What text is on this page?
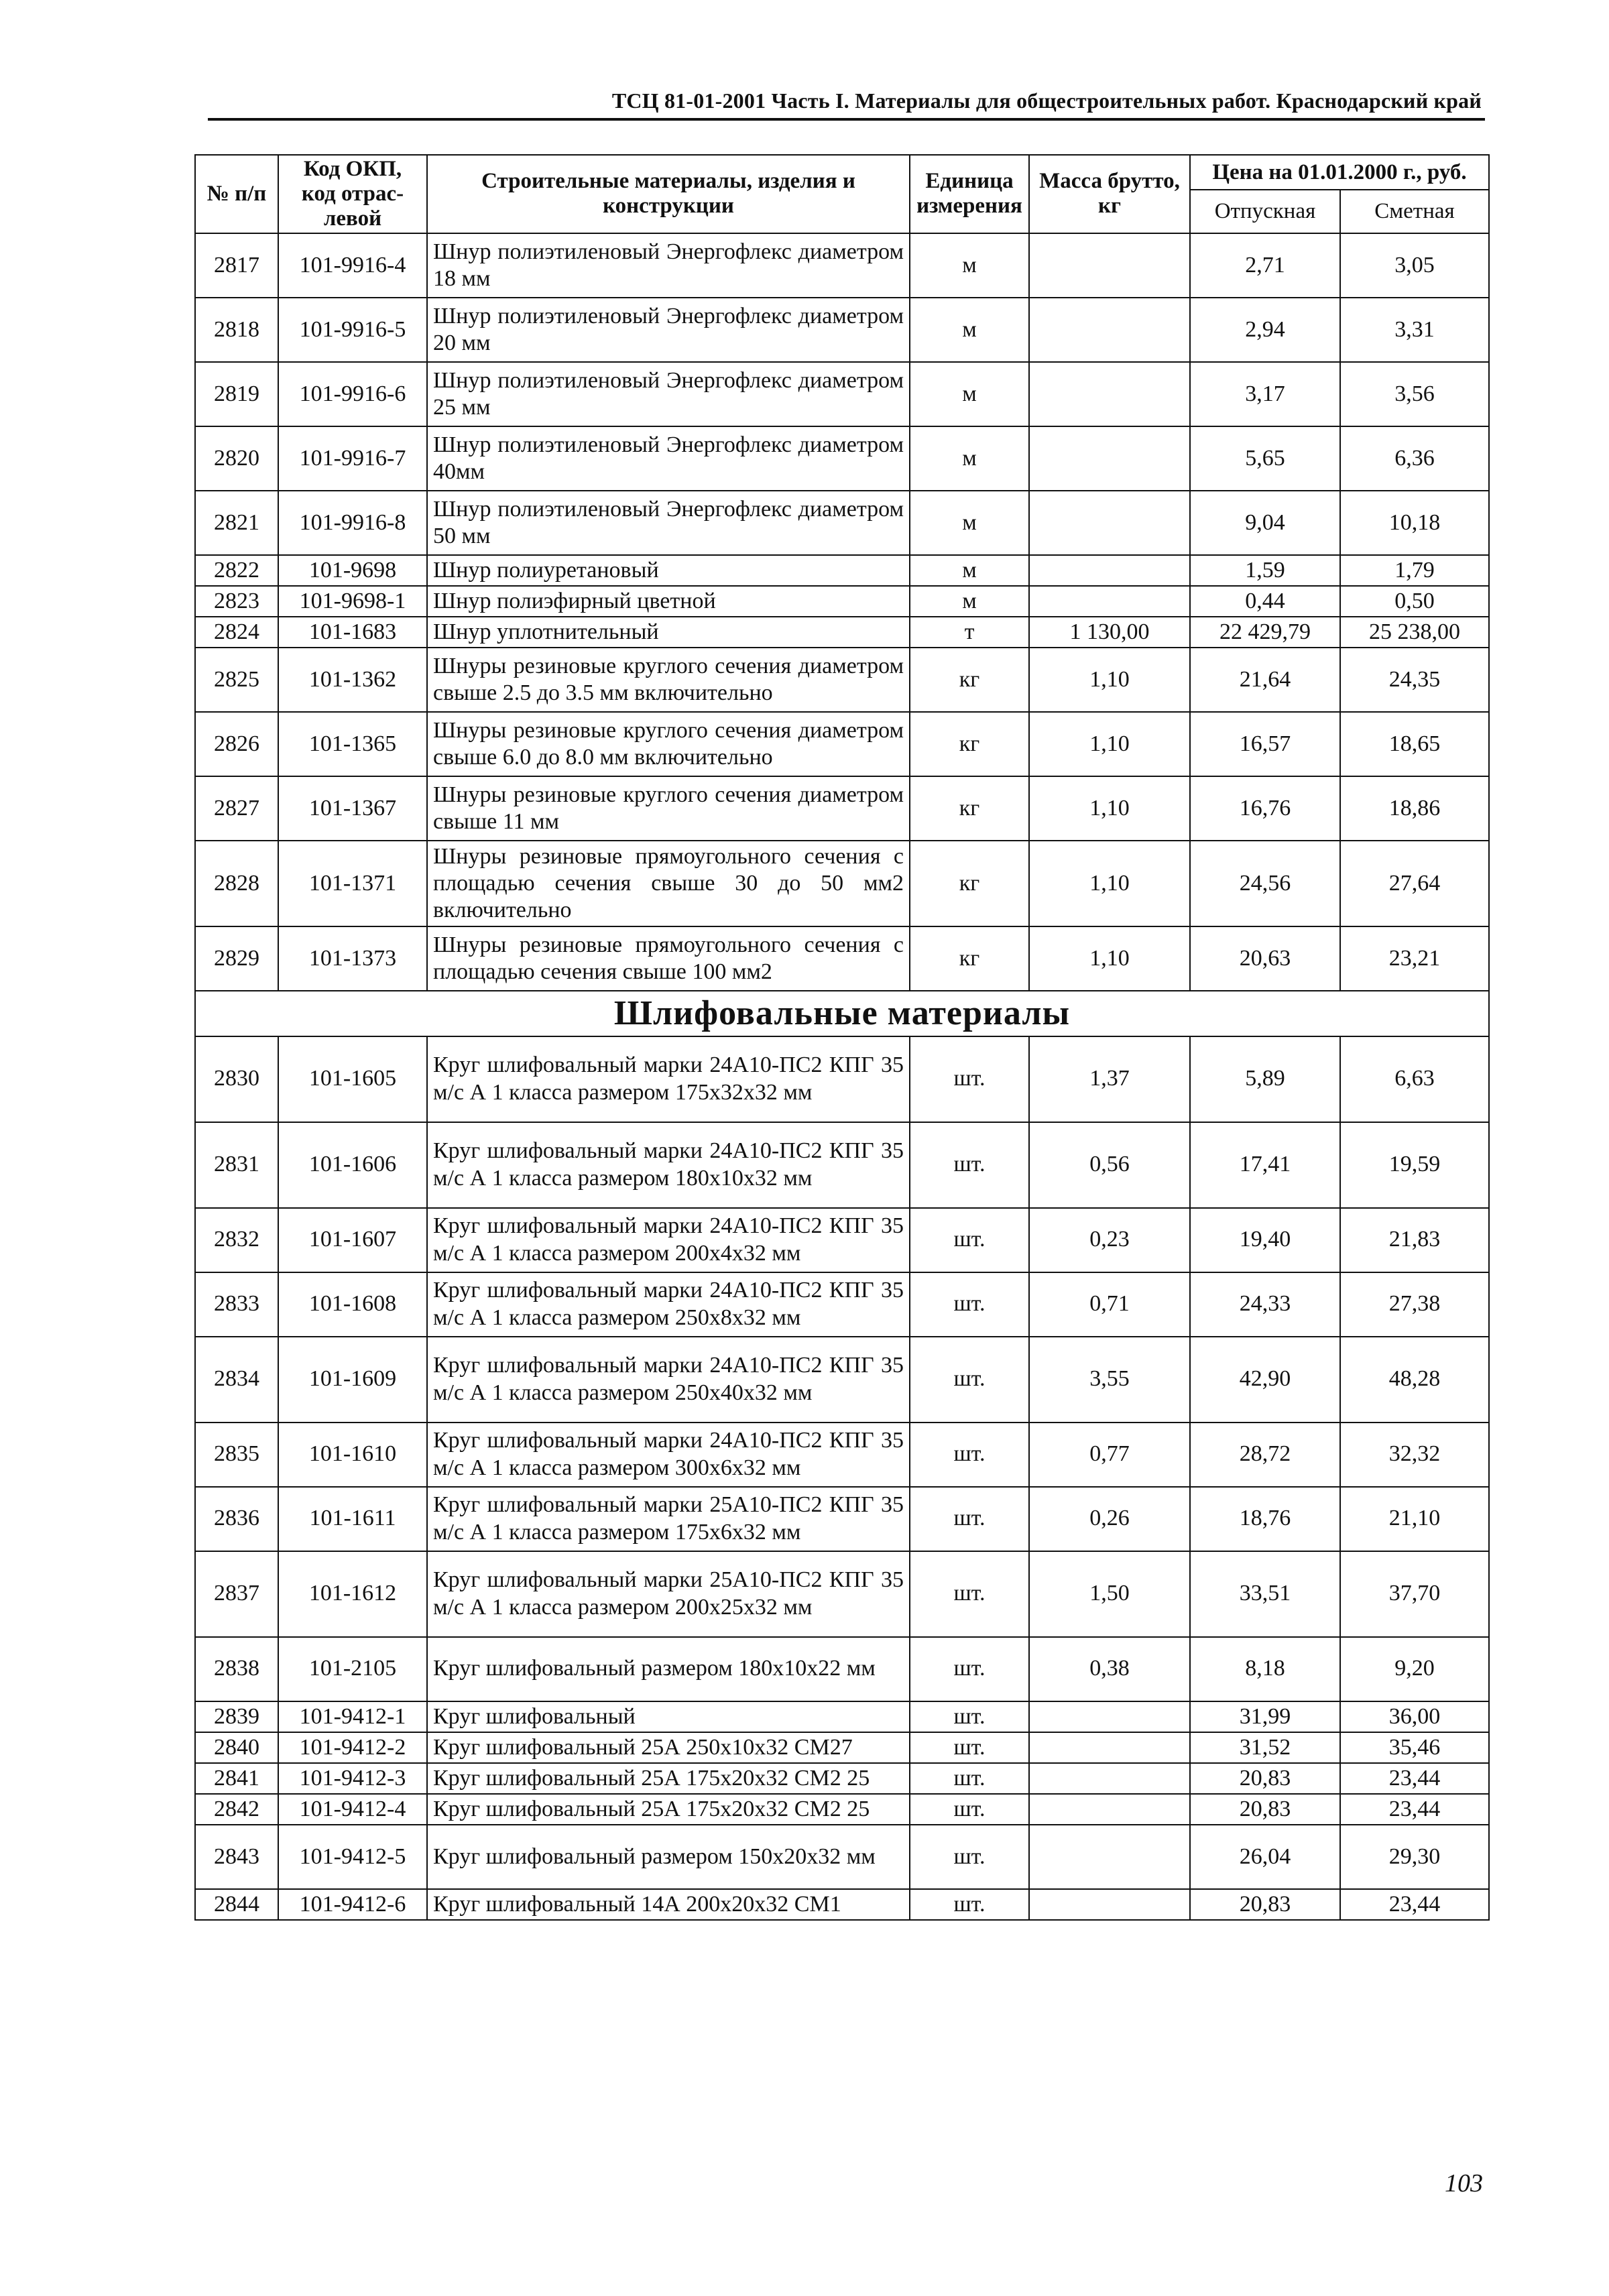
ТСЦ 81-01-2001 Часть I. Материалы для общестроительных работ. Краснодарский край
№ п/п	Код ОКП, код отраслевой	Строительные материалы, изделия и конструкции	Единица измерения	Масса брутто, кг	Цена на 01.01.2000 г., руб.	
					Отпускная	Сметная
2817	101-9916-4	Шнур полиэтиленовый Энергофлекс диаметром 18 мм	м		2,71	3,05
2818	101-9916-5	Шнур полиэтиленовый Энергофлекс диаметром 20 мм	м		2,94	3,31
2819	101-9916-6	Шнур полиэтиленовый Энергофлекс диаметром 25 мм	м		3,17	3,56
2820	101-9916-7	Шнур полиэтиленовый Энергофлекс диаметром 40мм	м		5,65	6,36
2821	101-9916-8	Шнур полиэтиленовый Энергофлекс диаметром 50 мм	м		9,04	10,18
2822	101-9698	Шнур полиуретановый	м		1,59	1,79
2823	101-9698-1	Шнур полиэфирный цветной	м		0,44	0,50
2824	101-1683	Шнур уплотнительный	т	1 130,00	22 429,79	25 238,00
2825	101-1362	Шнуры резиновые круглого сечения диаметром свыше 2.5 до 3.5 мм включительно	кг	1,10	21,64	24,35
2826	101-1365	Шнуры резиновые круглого сечения диаметром свыше 6.0 до 8.0 мм включительно	кг	1,10	16,57	18,65
2827	101-1367	Шнуры резиновые круглого сечения диаметром свыше 11 мм	кг	1,10	16,76	18,86
2828	101-1371	Шнуры резиновые прямоугольного сечения с площадью сечения свыше 30 до 50 мм2 включительно	кг	1,10	24,56	27,64
2829	101-1373	Шнуры резиновые прямоугольного сечения с площадью сечения свыше 100 мм2	кг	1,10	20,63	23,21
Шлифовальные материалы						
2830	101-1605	Круг шлифовальный марки 24А10-ПС2 КПГ 35 м/с А 1 класса размером 175х32х32 мм	шт.	1,37	5,89	6,63
2831	101-1606	Круг шлифовальный марки 24А10-ПС2 КПГ 35 м/с А 1 класса размером 180х10х32 мм	шт.	0,56	17,41	19,59
2832	101-1607	Круг шлифовальный марки 24А10-ПС2 КПГ 35 м/с А 1 класса размером 200х4х32 мм	шт.	0,23	19,40	21,83
2833	101-1608	Круг шлифовальный марки 24А10-ПС2 КПГ 35 м/с А 1 класса размером 250х8х32 мм	шт.	0,71	24,33	27,38
2834	101-1609	Круг шлифовальный марки 24А10-ПС2 КПГ 35 м/с А 1 класса размером 250х40х32 мм	шт.	3,55	42,90	48,28
2835	101-1610	Круг шлифовальный марки 24А10-ПС2 КПГ 35 м/с А 1 класса размером 300х6х32 мм	шт.	0,77	28,72	32,32
2836	101-1611	Круг шлифовальный марки 25А10-ПС2 КПГ 35 м/с А 1 класса размером 175х6х32 мм	шт.	0,26	18,76	21,10
2837	101-1612	Круг шлифовальный марки 25А10-ПС2 КПГ 35 м/с А 1 класса размером 200х25х32 мм	шт.	1,50	33,51	37,70
2838	101-2105	Круг шлифовальный размером 180х10х22 мм	шт.	0,38	8,18	9,20
2839	101-9412-1	Круг шлифовальный	шт.		31,99	36,00
2840	101-9412-2	Круг шлифовальный 25А 250х10х32 СМ27	шт.		31,52	35,46
2841	101-9412-3	Круг шлифовальный 25А 175х20х32 СМ2 25	шт.		20,83	23,44
2842	101-9412-4	Круг шлифовальный 25А 175х20х32 СМ2 25	шт.		20,83	23,44
2843	101-9412-5	Круг шлифовальный размером 150х20х32 мм	шт.		26,04	29,30
2844	101-9412-6	Круг шлифовальный 14А 200х20х32 СМ1	шт.		20,83	23,44
103
